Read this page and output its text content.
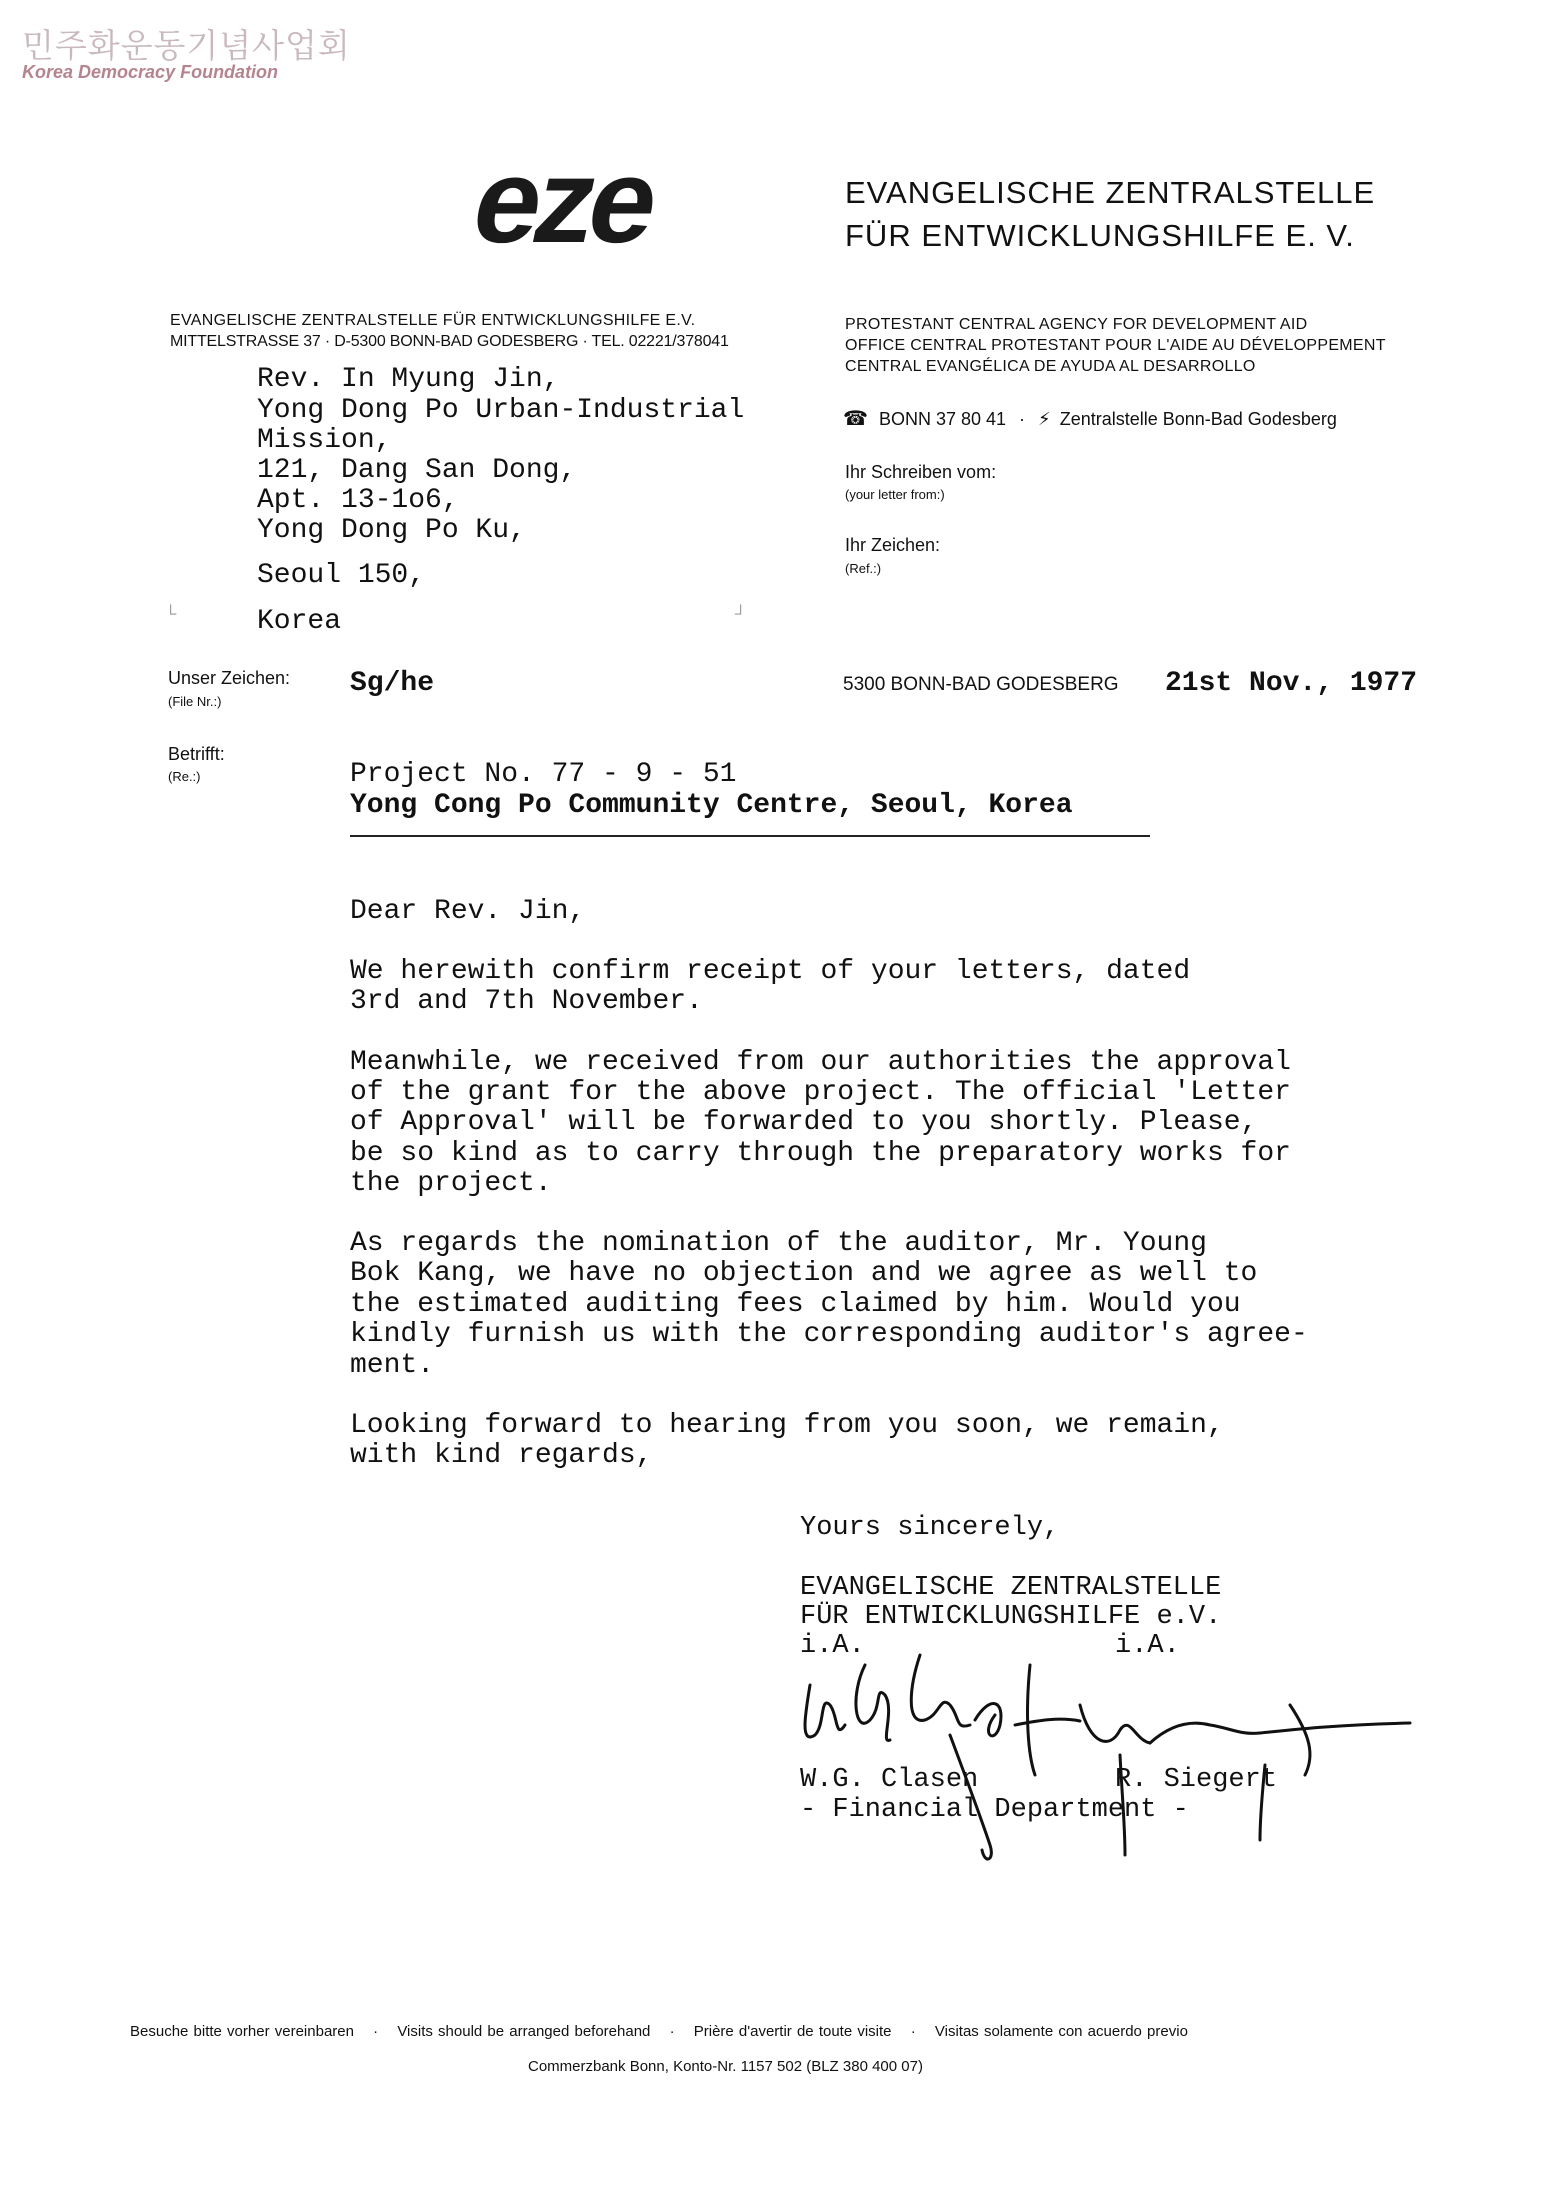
민주화운동기념사업회
Korea Democracy Foundation
eze	EVANGELISCHE ZENTRALSTELLE
FÜR ENTWICKLUNGSHILFE E. V.
EVANGELISCHE ZENTRALSTELLE FÜR ENTWICKLUNGSHILFE E.V.
MITTELSTRASSE 37 · D-5300 BONN-BAD GODESBERG · TEL. 02221/378041
PROTESTANT CENTRAL AGENCY FOR DEVELOPMENT AID
OFFICE CENTRAL PROTESTANT POUR L'AIDE AU DÉVELOPPEMENT
CENTRAL EVANGÉLICA DE AYUDA AL DESARROLLO
☎ BONN 37 80 41 · ⚡ Zentralstelle Bonn-Bad Godesberg
Ihr Schreiben vom:
(your letter from:)
Ihr Zeichen:
(Ref.:)
Rev. In Myung Jin,
Yong Dong Po Urban-Industrial
Mission,
121, Dang San Dong,
Apt. 13-1o6,
Yong Dong Po Ku,
Seoul 150,
Korea
└	┘
Unser Zeichen:
(File Nr.:)
Sg/he	5300 BONN-BAD GODESBERG 21st Nov., 1977
Betrifft:
(Re.:)	Project No. 77 - 9 - 51
Yong Cong Po Community Centre, Seoul, Korea
Dear Rev. Jin,
We herewith confirm receipt of your letters, dated
3rd and 7th November.
Meanwhile, we received from our authorities the approval
of the grant for the above project. The official 'Letter
of Approval' will be forwarded to you shortly. Please,
be so kind as to carry through the preparatory works for
the project.
As regards the nomination of the auditor, Mr. Young
Bok Kang, we have no objection and we agree as well to
the estimated auditing fees claimed by him. Would you
kindly furnish us with the corresponding auditor's agree-
ment.
Looking forward to hearing from you soon, we remain,
with kind regards,
Yours sincerely,
EVANGELISCHE ZENTRALSTELLE
FÜR ENTWICKLUNGSHILFE e.V.
i.A.	i.A.
W.G. Clasen	R. Siegert
- Financial Department -
Besuche bitte vorher vereinbaren · Visits should be arranged beforehand · Prière d'avertir de toute visite · Visitas solamente con acuerdo previo
Commerzbank Bonn, Konto-Nr. 1157 502 (BLZ 380 400 07)
